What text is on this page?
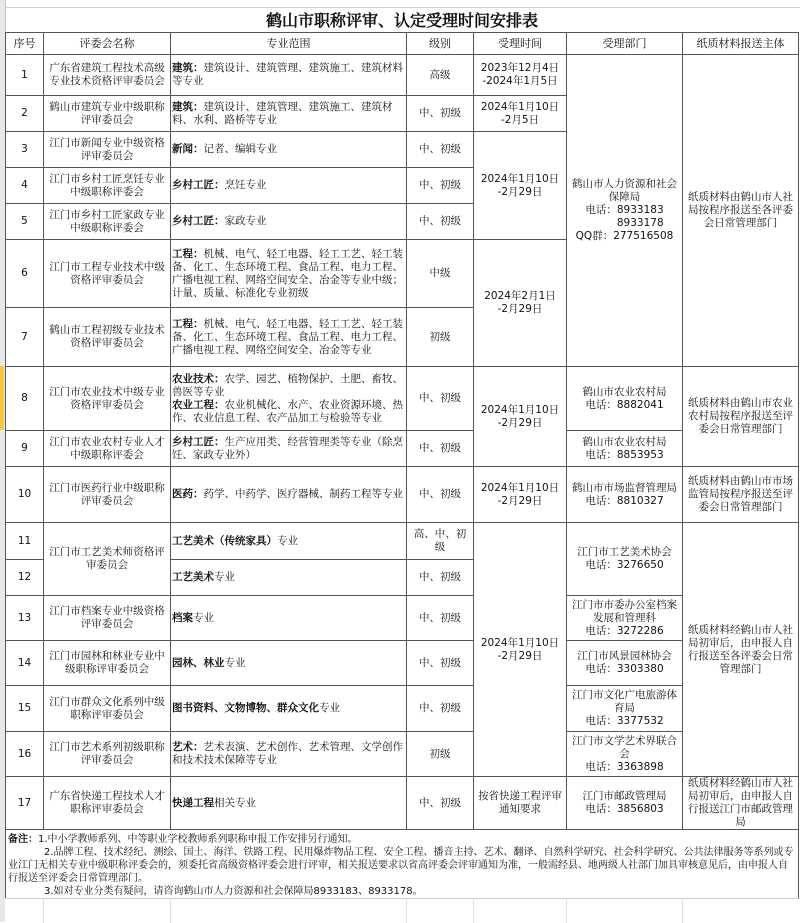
鹤山市职称评审、认定受理时间安排表						
序号	评委会名称	专业范围	级别	受理时间	受理部门	纸质材料报送主体
1	广东省建筑工程技术高级专业技术资格评审委员会	建筑：建筑设计、建筑管理、建筑施工、建筑材料等专业	高级	2023年12月4日
-2024年1月5日	鹤山市人力资源和社会保障局
电话：8933183
　　　8933178
QQ群：277516508	纸质材料由鹤山市人社局按程序报送至各评委会日常管理部门
2	鹤山市建筑专业中级职称评审委员会	建筑：建筑设计、建筑管理、建筑施工、建筑材料、水利、路桥等专业	中、初级	2024年1月10日
-2月5日		
3	江门市新闻专业中级资格评审委员会	新闻：记者、编辑专业	中、初级	2024年1月10日
-2月29日		
4	江门市乡村工匠烹饪专业中级职称评委会	乡村工匠：烹饪专业	中、初级			
5	江门市乡村工匠家政专业中级职称评委会	乡村工匠：家政专业	中、初级			
6	江门市工程专业技术中级资格评审委员会	工程：机械、电气、轻工电器、轻工工艺、轻工装备、化工、生态环境工程、食品工程、电力工程、广播电视工程、网络空间安全、冶金等专业中级；计量、质量、标准化专业初级	中级	2024年2月1日
-2月29日		
7	鹤山市工程初级专业技术资格评审委员会	工程：机械、电气、轻工电器、轻工工艺、轻工装备、化工、生态环境工程、食品工程、电力工程、广播电视工程、网络空间安全、冶金等专业	初级			
8	江门市农业技术中级专业资格评审委员会	农业技术：农学、园艺、植物保护、土肥、畜牧、兽医等专业
农业工程：农业机械化、水产、农业资源环境、热作、农业信息工程、农产品加工与检验等专业	中、初级	2024年1月10日
-2月29日	鹤山市农业农村局
电话：8882041	纸质材料由鹤山市农业农村局按程序报送至评委会日常管理部门
9	江门市农业农村专业人才中级职称评委会	乡村工匠：生产应用类、经营管理类等专业（除烹饪、家政专业外）	中、初级		鹤山市农业农村局
电话：8853953	
10	江门市医药行业中级职称评审委员会	医药：药学、中药学、医疗器械、制药工程等专业	中、初级	2024年1月10日
-2月29日	鹤山市市场监督管理局
电话：8810327	纸质材料由鹤山市市场监管局按程序报送至评委会日常管理部门
11	江门市工艺美术师资格评审委员会	工艺美术（传统家具）专业	高、中、初级	2024年1月10日
-2月29日	江门市工艺美术协会
电话：3276650	纸质材料经鹤山市人社局初审后，由申报人自行报送至各评委会日常管理部门
12		工艺美术专业	中、初级			
13	江门市档案专业中级资格评审委员会	档案专业	中、初级		江门市市委办公室档案发展和管理科
电话：3272286	
14	江门市园林和林业专业中级职称评审委员会	园林、林业专业	中、初级		江门市风景园林协会
电话：3303380	
15	江门市群众文化系列中级职称评审委员会	图书资料、文物博物、群众文化专业	中、初级		江门市文化广电旅游体育局
电话：3377532	
16	江门市艺术系列初级职称评审委员会	艺术：艺术表演、艺术创作、艺术管理、文学创作和技术技术保障等专业	初级		江门市文学艺术界联合会
电话：3363898	
17	广东省快递工程技术人才职称评审委员会	快递工程相关专业	中、初级	按省快递工程评审通知要求	江门市邮政管理局
电话：3856803	纸质材料经鹤山市人社局初审后，由申报人自行报送江门市邮政管理局
备注：1.中小学教师系列、中等职业学校教师系列职称申报工作安排另行通知。
2.品牌工程、技术经纪、测绘、国土、海洋、铁路工程、民用爆炸物品工程、安全工程、播音主持、艺术、翻译、自然科学研究、社会科学研究、公共法律服务等系列或专业江门无相关专业中级职称评委会的，须委托省高级资格评委会进行评审，相关报送要求以省高评委会评审通知为准，一般需经县、地两级人社部门加具审核意见后，由申报人自行报送至评委会日常管理部门。
3.如对专业分类有疑问，请咨询鹤山市人力资源和社会保障局8933183、8933178。						
